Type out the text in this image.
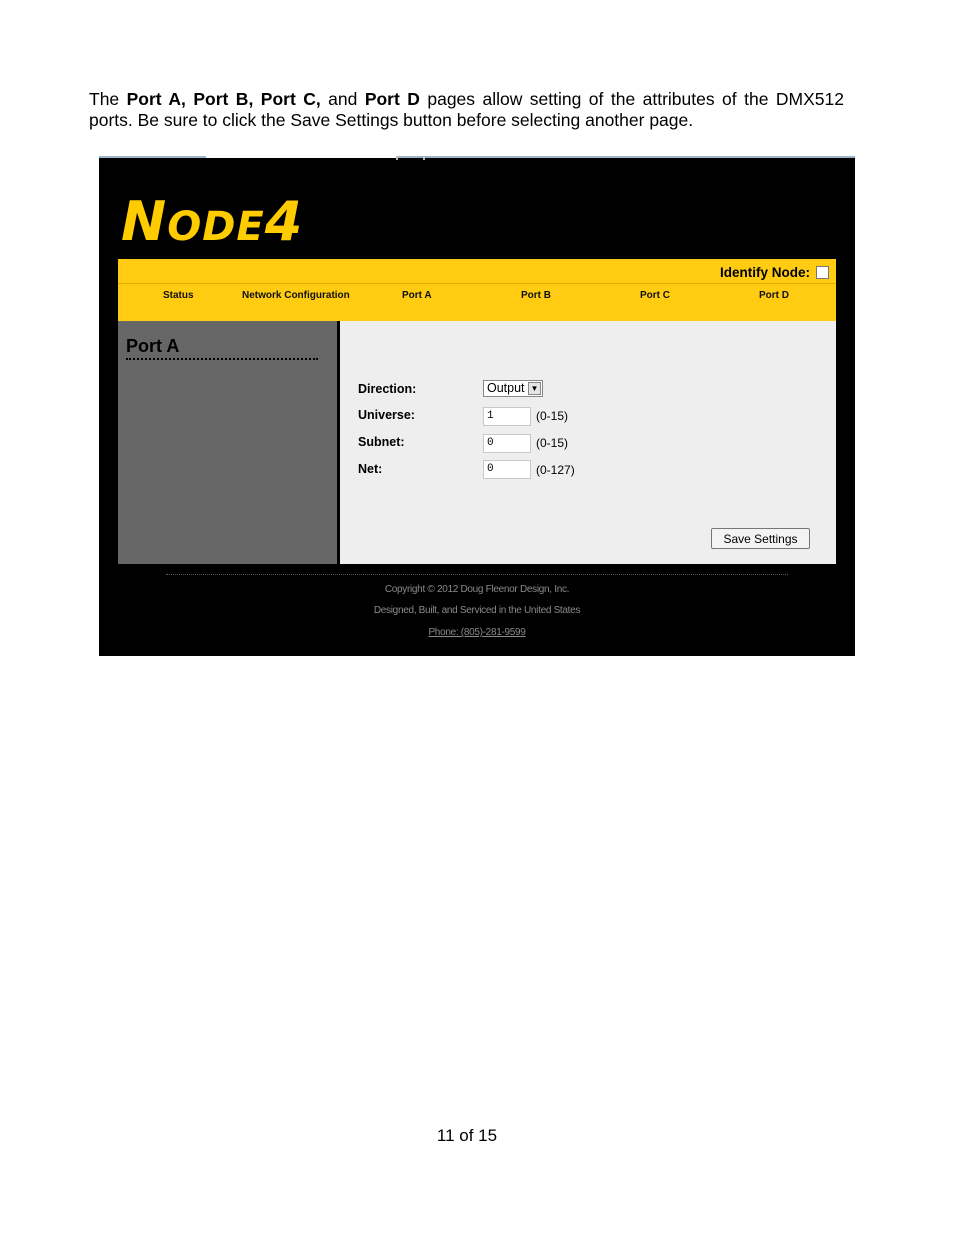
The Port A, Port B, Port C, and Port D pages allow setting of the attributes of the DMX512 ports. Be sure to click the Save Settings button before selecting another page.
NODE4
Identify Node:
Status	Network Configuration	Port A	Port B	Port C	Port D
Port A
Direction:	Output ▼
Universe:	1	(0-15)
Subnet:	0	(0-15)
Net:	0	(0-127)
Save Settings
Copyright © 2012 Doug Fleenor Design, Inc.
Designed, Built, and Serviced in the United States
Phone: (805)-281-9599
11 of 15
